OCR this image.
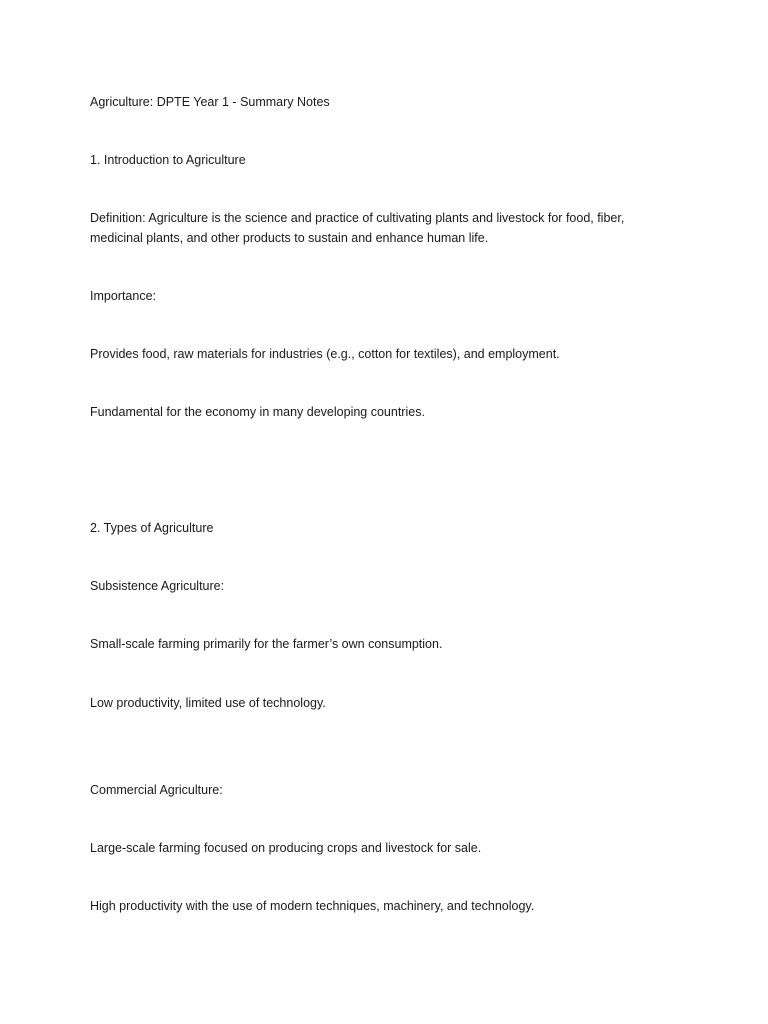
Agriculture: DPTE Year 1 - Summary Notes
1. Introduction to Agriculture
Definition: Agriculture is the science and practice of cultivating plants and livestock for food, fiber, medicinal plants, and other products to sustain and enhance human life.
Importance:
Provides food, raw materials for industries (e.g., cotton for textiles), and employment.
Fundamental for the economy in many developing countries.
2. Types of Agriculture
Subsistence Agriculture:
Small-scale farming primarily for the farmer’s own consumption.
Low productivity, limited use of technology.
Commercial Agriculture:
Large-scale farming focused on producing crops and livestock for sale.
High productivity with the use of modern techniques, machinery, and technology.
